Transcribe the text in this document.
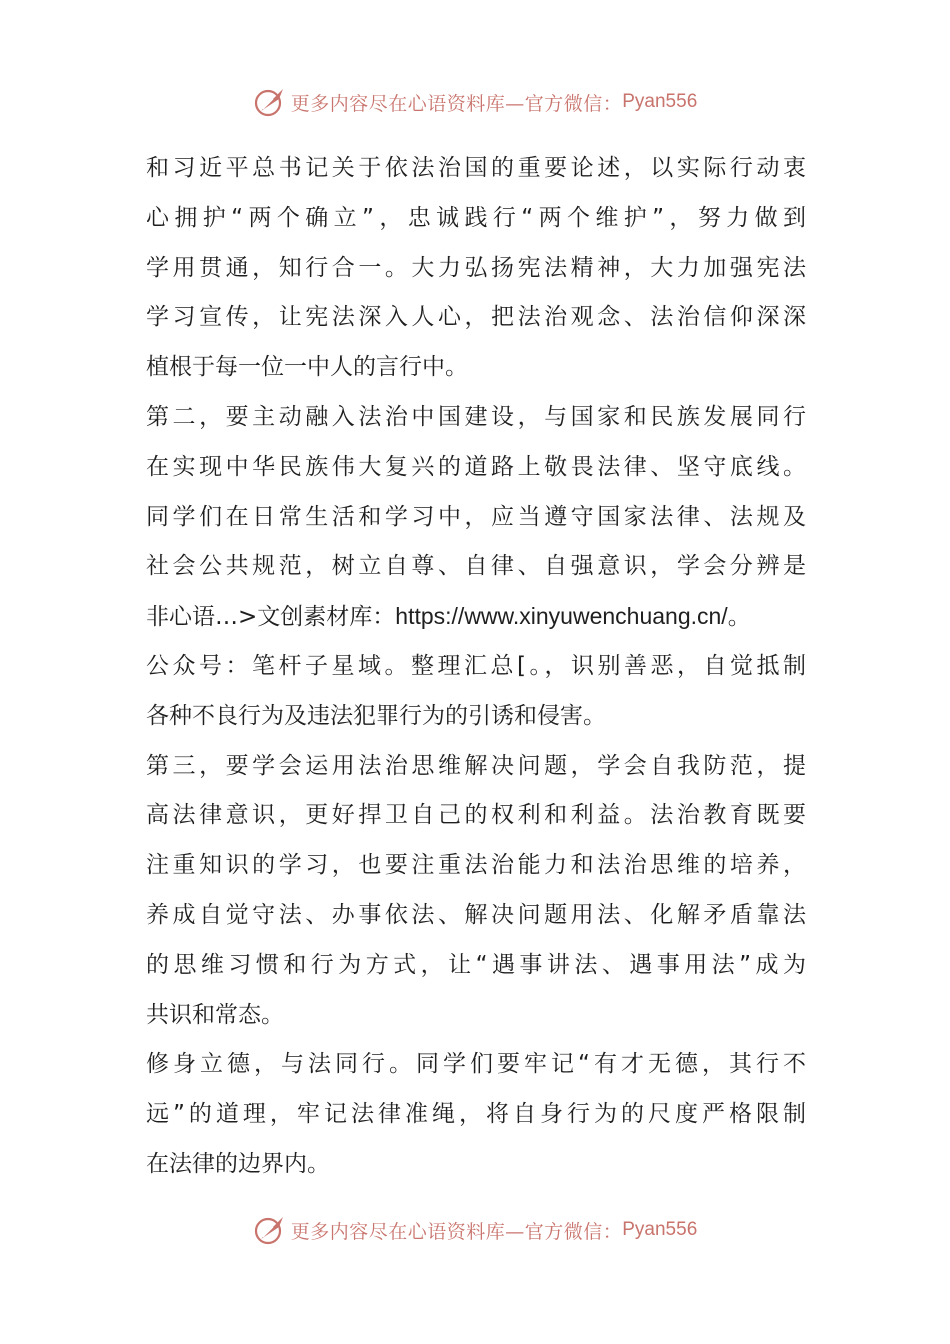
更多内容尽在心语资料库—官方微信： Pyan556
和习近平总书记关于依法治国的重要论述，以实际行动衷
心拥护“两个确立”，忠诚践行“两个维护”，努力做到
学用贯通，知行合一。大力弘扬宪法精神，大力加强宪法
学习宣传，让宪法深入人心，把法治观念、法治信仰深深
植根于每一位一中人的言行中。
第二，要主动融入法治中国建设，与国家和民族发展同行
在实现中华民族伟大复兴的道路上敬畏法律、坚守底线。
同学们在日常生活和学习中，应当遵守国家法律、法规及
社会公共规范，树立自尊、自律、自强意识，学会分辨是
非心语…>文创素材库：https://www.xinyuwenchuang.cn/。
公众号：笔杆子星域。整理汇总[。，识别善恶，自觉抵制
各种不良行为及违法犯罪行为的引诱和侵害。
第三，要学会运用法治思维解决问题，学会自我防范，提
高法律意识，更好捍卫自己的权利和利益。法治教育既要
注重知识的学习，也要注重法治能力和法治思维的培养，
养成自觉守法、办事依法、解决问题用法、化解矛盾靠法
的思维习惯和行为方式，让“遇事讲法、遇事用法”成为
共识和常态。
修身立德，与法同行。同学们要牢记“有才无德，其行不
远”的道理，牢记法律准绳，将自身行为的尺度严格限制
在法律的边界内。
更多内容尽在心语资料库—官方微信： Pyan556
